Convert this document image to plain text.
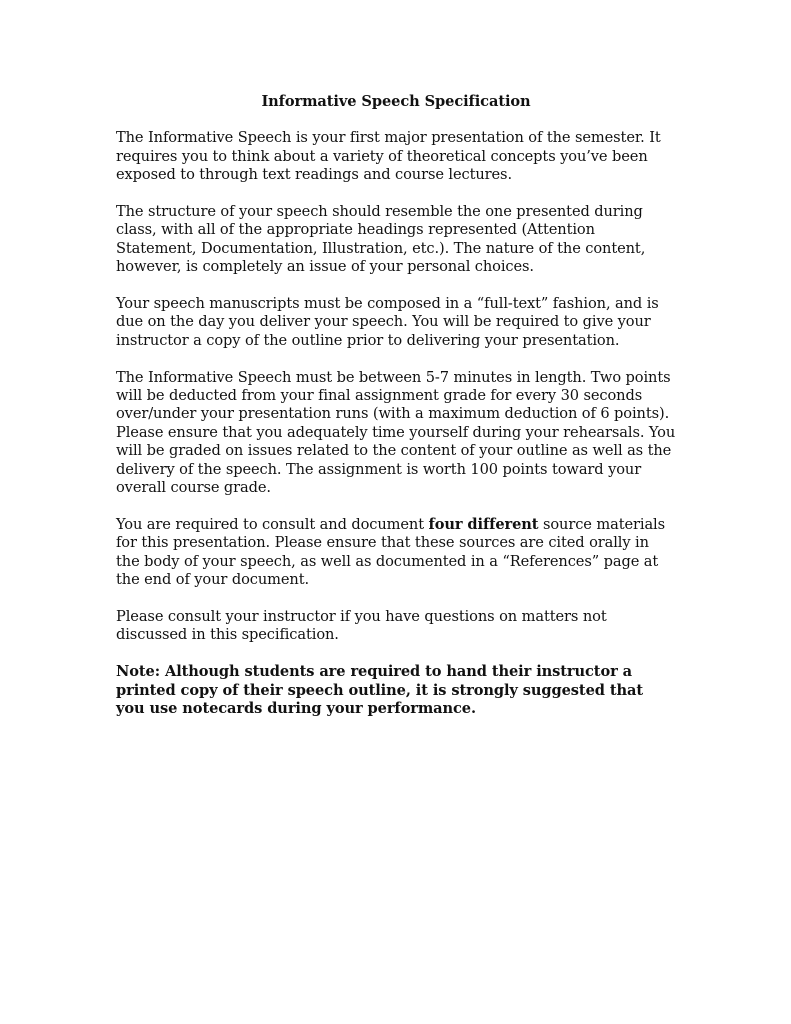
Informative Speech Specification

The Informative Speech is your first major presentation of the semester. It requires you to think about a variety of theoretical concepts you’ve been exposed to through text readings and course lectures.

The structure of your speech should resemble the one presented during class, with all of the appropriate headings represented (Attention Statement, Documentation, Illustration, etc.). The nature of the content, however, is completely an issue of your personal choices.

Your speech manuscripts must be composed in a “full-text” fashion, and is due on the day you deliver your speech. You will be required to give your instructor a copy of the outline prior to delivering your presentation.

The Informative Speech must be between 5-7 minutes in length. Two points will be deducted from your final assignment grade for every 30 seconds over/under your presentation runs (with a maximum deduction of 6 points). Please ensure that you adequately time yourself during your rehearsals. You will be graded on issues related to the content of your outline as well as the delivery of the speech. The assignment is worth 100 points toward your overall course grade.

You are required to consult and document four different source materials for this presentation. Please ensure that these sources are cited orally in the body of your speech, as well as documented in a “References” page at the end of your document.

Please consult your instructor if you have questions on matters not discussed in this specification.

Note: Although students are required to hand their instructor a printed copy of their speech outline, it is strongly suggested that you use notecards during your performance.
